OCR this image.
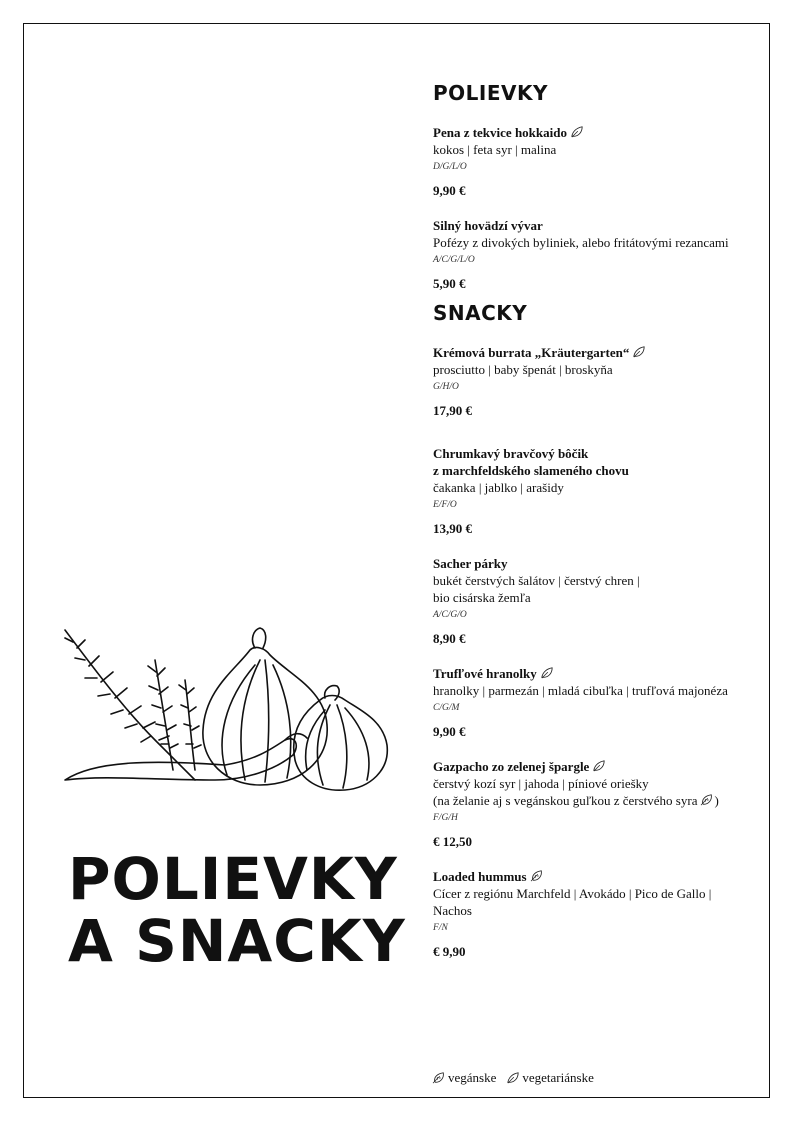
POLIEVKY
A SNACKY
POLIEVKY
Pena z tekvice hokkaido
kokos | feta syr | malina
D/G/L/O
9,90 €
Silný hovädzí vývar
Pofézy z divokých byliniek, alebo fritátovými rezancami
A/C/G/L/O
5,90 €
SNACKY
Krémová burrata „Kräutergarten“
prosciutto | baby špenát | broskyňa
G/H/O
17,90 €
Chrumkavý bravčový bôčik
z marchfeldského slameného chovu
čakanka | jablko | arašidy
E/F/O
13,90 €
Sacher párky
bukét čerstvých šalátov | čerstvý chren |
bio cisárska žemľa
A/C/G/O
8,90 €
Trufľové hranolky
hranolky | parmezán | mladá cibuľka | trufľová majonéza
C/G/M
9,90 €
Gazpacho zo zelenej špargle
čerstvý kozí syr | jahoda | píniové oriešky
(na želanie aj s vegánskou guľkou z čerstvého syra )
F/G/H
€ 12,50
Loaded hummus
Cícer z regiónu Marchfeld | Avokádo | Pico de Gallo |
Nachos
F/N
€ 9,90
vegánske vegetariánske
